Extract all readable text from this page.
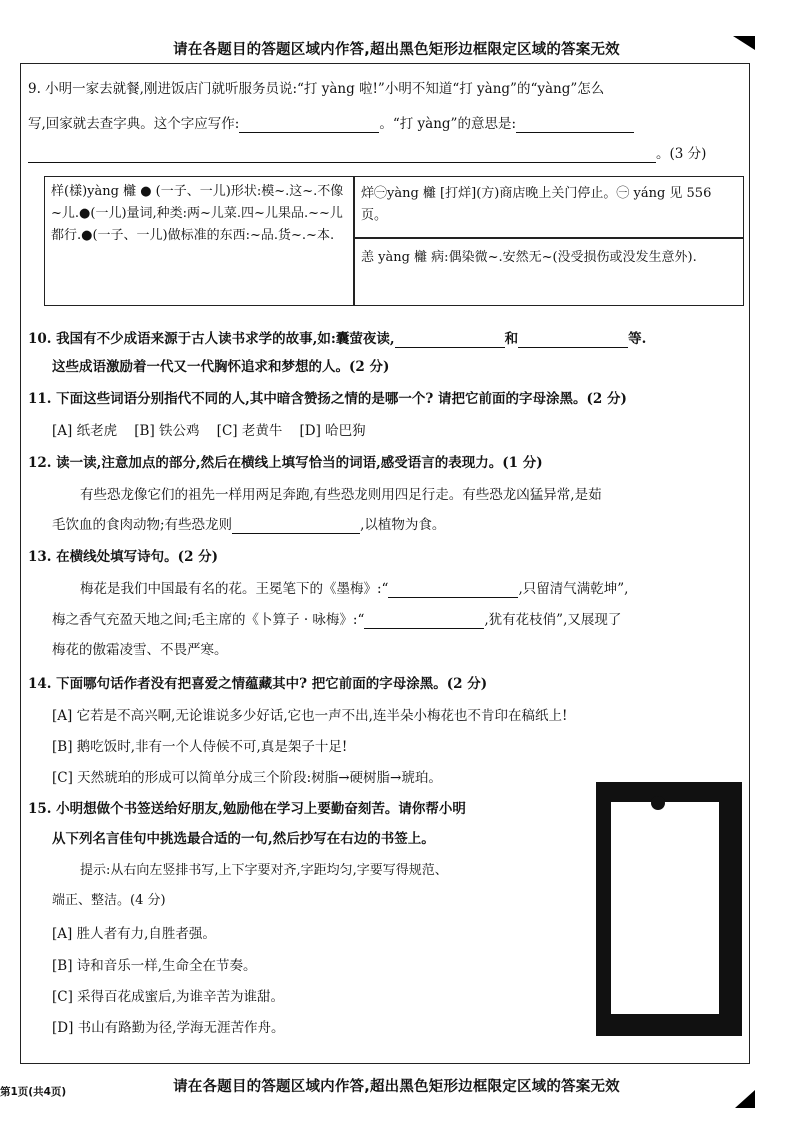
请在各题目的答题区域内作答,超出黑色矩形边框限定区域的答案无效
9. 小明一家去就餐,刚进饭店门就听服务员说:“打 yàng 啦!”小明不知道“打 yàng”的“yàng”怎么
写,回家就去查字典。这个字应写作:	。“打 yàng”的意思是:
。(3 分)
样(樣)yàng 㰚 ● (一子、一儿)形状:模~.这~.不像~儿.●(一儿)量词,种类:两~儿菜.四~儿果品.~~儿都行.●(一子、一儿)做标准的东西:~品.货~.~本.
烊㊀yàng 㰚 [打烊](方)商店晚上关门停止。㊀ yáng 见 556 页。
恙 yàng 㰚 病:偶染微~.安然无~(没受损伤或没发生意外).
10. 我国有不少成语来源于古人读书求学的故事,如:囊萤夜读,	和	等.
这些成语激励着一代又一代胸怀追求和梦想的人。(2 分)
11. 下面这些词语分别指代不同的人,其中暗含赞扬之情的是哪一个? 请把它前面的字母涂黑。(2 分)
[A] 纸老虎 [B] 铁公鸡 [C] 老黄牛 [D] 哈巴狗
12. 读一读,注意加点的部分,然后在横线上填写恰当的词语,感受语言的表现力。(1 分)
有些恐龙像它们的祖先一样用两足奔跑,有些恐龙则用四足行走。有些恐龙凶猛异常,是茹
毛饮血的食肉动物;有些恐龙则	,以植物为食。
13. 在横线处填写诗句。(2 分)
梅花是我们中国最有名的花。王冕笔下的《墨梅》:“	,只留清气满乾坤”,
梅之香气充盈天地之间;毛主席的《卜算子 · 咏梅》:“	,犹有花枝俏”,又展现了
梅花的傲霜凌雪、不畏严寒。
14. 下面哪句话作者没有把喜爱之情蕴藏其中? 把它前面的字母涂黑。(2 分)
[A] 它若是不高兴啊,无论谁说多少好话,它也一声不出,连半朵小梅花也不肯印在稿纸上!
[B] 鹅吃饭时,非有一个人侍候不可,真是架子十足!
[C] 天然琥珀的形成可以简单分成三个阶段:树脂→硬树脂→琥珀。
15. 小明想做个书签送给好朋友,勉励他在学习上要勤奋刻苦。请你帮小明
从下列名言佳句中挑选最合适的一句,然后抄写在右边的书签上。
提示:从右向左竖排书写,上下字要对齐,字距均匀,字要写得规范、
端正、整洁。(4 分)
[A] 胜人者有力,自胜者强。
[B] 诗和音乐一样,生命全在节奏。
[C] 采得百花成蜜后,为谁辛苦为谁甜。
[D] 书山有路勤为径,学海无涯苦作舟。
第1页(共4页)	请在各题目的答题区域内作答,超出黑色矩形边框限定区域的答案无效
